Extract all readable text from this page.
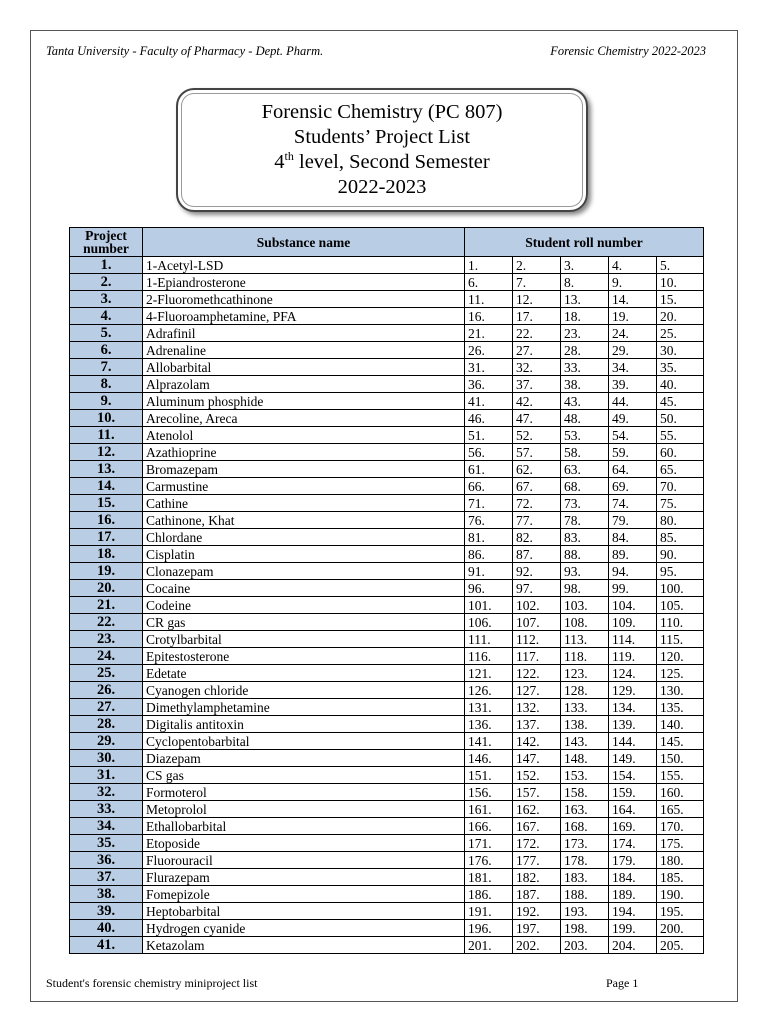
Tanta University - Faculty of Pharmacy - Dept. Pharm.	Forensic Chemistry 2022-2023
Forensic Chemistry (PC 807)
Students’ Project List
4th level, Second Semester
2022-2023
Project number	Substance name	Student roll number				
1.	1-Acetyl-LSD	1.	2.	3.	4.	5.
2.	1-Epiandrosterone	6.	7.	8.	9.	10.
3.	2-Fluoromethcathinone	11.	12.	13.	14.	15.
4.	4-Fluoroamphetamine, PFA	16.	17.	18.	19.	20.
5.	Adrafinil	21.	22.	23.	24.	25.
6.	Adrenaline	26.	27.	28.	29.	30.
7.	Allobarbital	31.	32.	33.	34.	35.
8.	Alprazolam	36.	37.	38.	39.	40.
9.	Aluminum phosphide	41.	42.	43.	44.	45.
10.	Arecoline, Areca	46.	47.	48.	49.	50.
11.	Atenolol	51.	52.	53.	54.	55.
12.	Azathioprine	56.	57.	58.	59.	60.
13.	Bromazepam	61.	62.	63.	64.	65.
14.	Carmustine	66.	67.	68.	69.	70.
15.	Cathine	71.	72.	73.	74.	75.
16.	Cathinone, Khat	76.	77.	78.	79.	80.
17.	Chlordane	81.	82.	83.	84.	85.
18.	Cisplatin	86.	87.	88.	89.	90.
19.	Clonazepam	91.	92.	93.	94.	95.
20.	Cocaine	96.	97.	98.	99.	100.
21.	Codeine	101.	102.	103.	104.	105.
22.	CR gas	106.	107.	108.	109.	110.
23.	Crotylbarbital	111.	112.	113.	114.	115.
24.	Epitestosterone	116.	117.	118.	119.	120.
25.	Edetate	121.	122.	123.	124.	125.
26.	Cyanogen chloride	126.	127.	128.	129.	130.
27.	Dimethylamphetamine	131.	132.	133.	134.	135.
28.	Digitalis antitoxin	136.	137.	138.	139.	140.
29.	Cyclopentobarbital	141.	142.	143.	144.	145.
30.	Diazepam	146.	147.	148.	149.	150.
31.	CS gas	151.	152.	153.	154.	155.
32.	Formoterol	156.	157.	158.	159.	160.
33.	Metoprolol	161.	162.	163.	164.	165.
34.	Ethallobarbital	166.	167.	168.	169.	170.
35.	Etoposide	171.	172.	173.	174.	175.
36.	Fluorouracil	176.	177.	178.	179.	180.
37.	Flurazepam	181.	182.	183.	184.	185.
38.	Fomepizole	186.	187.	188.	189.	190.
39.	Heptobarbital	191.	192.	193.	194.	195.
40.	Hydrogen cyanide	196.	197.	198.	199.	200.
41.	Ketazolam	201.	202.	203.	204.	205.
Student's forensic chemistry miniproject list	Page 1
